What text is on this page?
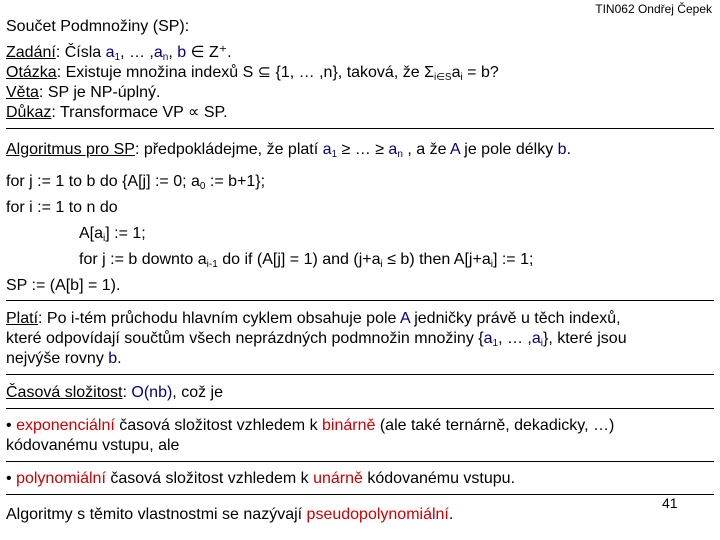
TIN062 Ondřej Čepek
Součet Podmnožiny (SP):
Zadání: Čísla $a_1$, … $,a_n$, b ∈ Z⁺.
Otázka: Existuje množina indexů S ⊆ {1, … ,n}, taková, že $\Sigma_{i\in S}a_i = b$?
Věta: SP je NP-úplný.
Důkaz: Transformace VP ∝ SP.
Algoritmus pro SP: předpokládejme, že platí $a_1$ ≥ … ≥ $a_n$ , a že A je pole délky b.
for j := 1 to b do {A[j] := 0; $a_0$ := b+1};
for i := 1 to n do
$A[a_i]$ := 1;
for j := b downto $a_{i-1}$ do if (A[j] = 1) and $(j+a_i \le b)$ then $A[j+a_i]$ := 1;
SP := (A[b] = 1).
Platí: Po i-tém průchodu hlavním cyklem obsahuje pole A jedničky právě u těch indexů,
které odpovídají součtům všech neprázdných podmnožin množiny {$a_1$, … $,a_i$}, které jsou
nejvýše rovny b.
Časová složitost: O(nb), což je
• exponenciální časová složitost vzhledem k binárně (ale také ternárně, dekadicky, …)
kódovanému vstupu, ale
• polynomiální časová složitost vzhledem k unárně kódovanému vstupu.
Algoritmy s těmito vlastnostmi se nazývají pseudopolynomiální.
41
